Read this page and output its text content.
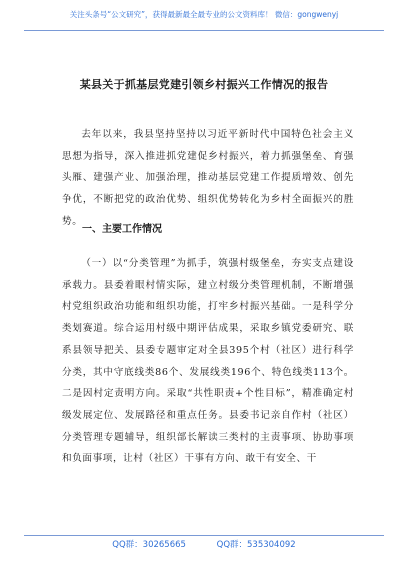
关注头条号“公文研究”，获得最新最全最专业的公文资料库！ 微信：gongwenyj
某县关于抓基层党建引领乡村振兴工作情况的报告

去年以来，我县坚持坚持以习近平新时代中国特色社会主义思想为指导，深入推进抓党建促乡村振兴，着力抓强堡垒、育强头雁、建强产业、加强治理，推动基层党建工作提质增效、创先争优，不断把党的政治优势、组织优势转化为乡村全面振兴的胜势。

一、主要工作情况

（一）以“分类管理”为抓手，筑强村级堡垒，夯实支点建设承载力。县委着眼村情实际，建立村级分类管理机制，不断增强村党组织政治功能和组织功能，打牢乡村振兴基础。一是科学分类划赛道。综合运用村级中期评估成果，采取乡镇党委研究、联系县领导把关、县委专题审定对全县395个村（社区）进行科学分类，其中守底线类86个、发展线类196个、特色线类113个。二是因村定责明方向。采取“共性职责+个性目标”，精准确定村级发展定位、发展路径和重点任务。县委书记亲自作村（社区）分类管理专题辅导，组织部长解读三类村的主责事项、协助事项和负面事项，让村（社区）干事有方向、敢干有安全、干

QQ群：30265665	QQ群：535304092
